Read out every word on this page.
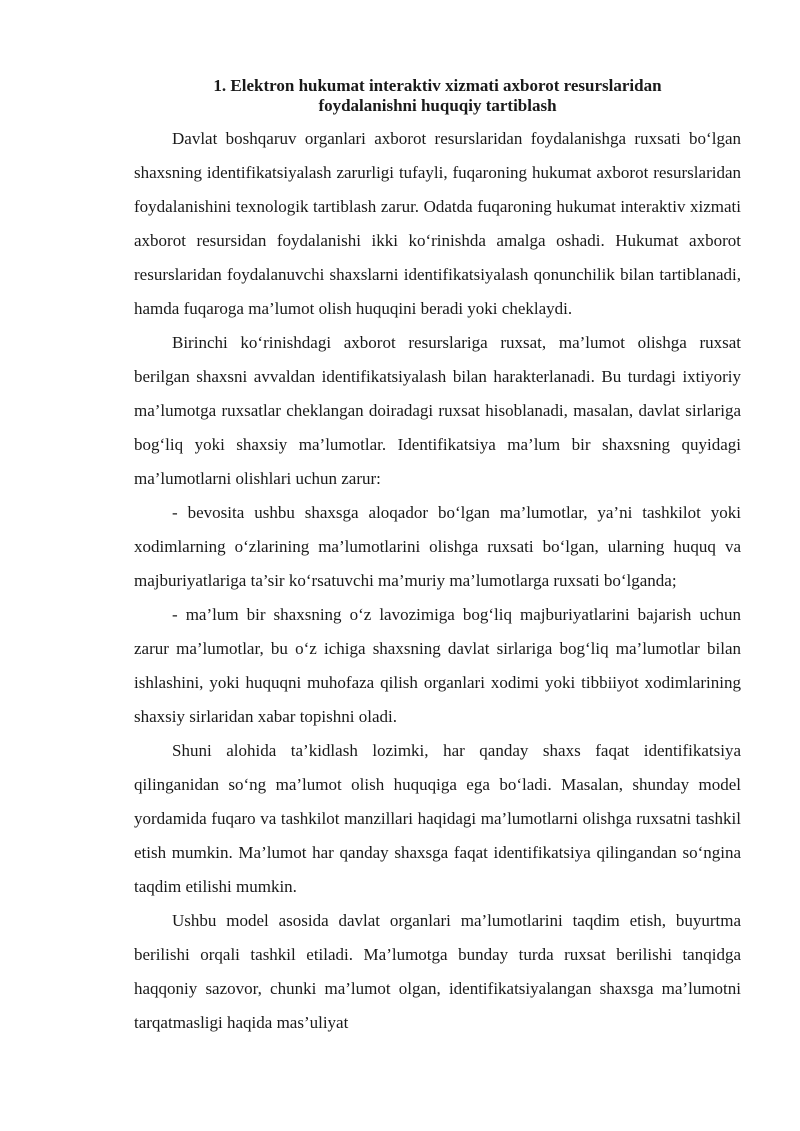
1. Elektron hukumat interaktiv xizmati axborot resurslaridan
foydalanishni huquqiy tartiblash

Davlat boshqaruv organlari axborot resurslaridan foydalanishga ruxsati bo‘lgan shaxsning identifikatsiyalash zarurligi tufayli, fuqaroning hukumat axborot resurslaridan foydalanishini texnologik tartiblash zarur. Odatda fuqaroning hukumat interaktiv xizmati axborot resursidan foydalanishi ikki ko‘rinishda amalga oshadi. Hukumat axborot resurslaridan foydalanuvchi shaxslarni identifikatsiyalash qonunchilik bilan tartiblanadi, hamda fuqaroga ma’lumot olish huquqini beradi yoki cheklaydi.

Birinchi ko‘rinishdagi axborot resurslariga ruxsat, ma’lumot olishga ruxsat berilgan shaxsni avvaldan identifikatsiyalash bilan harakterlanadi. Bu turdagi ixtiyoriy ma’lumotga ruxsatlar cheklangan doiradagi ruxsat hisoblanadi, masalan, davlat sirlariga bog‘liq yoki shaxsiy ma’lumotlar. Identifikatsiya ma’lum bir shaxsning quyidagi ma’lumotlarni olishlari uchun zarur:

- bevosita ushbu shaxsga aloqador bo‘lgan ma’lumotlar, ya’ni tashkilot yoki xodimlarning o‘zlarining ma’lumotlarini olishga ruxsati bo‘lgan, ularning huquq va majburiyatlariga ta’sir ko‘rsatuvchi ma’muriy ma’lumotlarga ruxsati bo‘lganda;

- ma’lum bir shaxsning o‘z lavozimiga bog‘liq majburiyatlarini bajarish uchun zarur ma’lumotlar, bu o‘z ichiga shaxsning davlat sirlariga bog‘liq ma’lumotlar bilan ishlashini, yoki huquqni muhofaza qilish organlari xodimi yoki tibbiiyot xodimlarining shaxsiy sirlaridan xabar topishni oladi.

Shuni alohida ta’kidlash lozimki, har qanday shaxs faqat identifikatsiya qilinganidan so‘ng ma’lumot olish huquqiga ega bo‘ladi. Masalan, shunday model yordamida fuqaro va tashkilot manzillari haqidagi ma’lumotlarni olishga ruxsatni tashkil etish mumkin. Ma’lumot har qanday shaxsga faqat identifikatsiya qilingandan so‘ngina taqdim etilishi mumkin.

Ushbu model asosida davlat organlari ma’lumotlarini taqdim etish, buyurtma berilishi orqali tashkil etiladi. Ma’lumotga bunday turda ruxsat berilishi tanqidga haqqoniy sazovor, chunki ma’lumot olgan, identifikatsiyalangan shaxsga ma’lumotni tarqatmasligi haqida mas’uliyat
